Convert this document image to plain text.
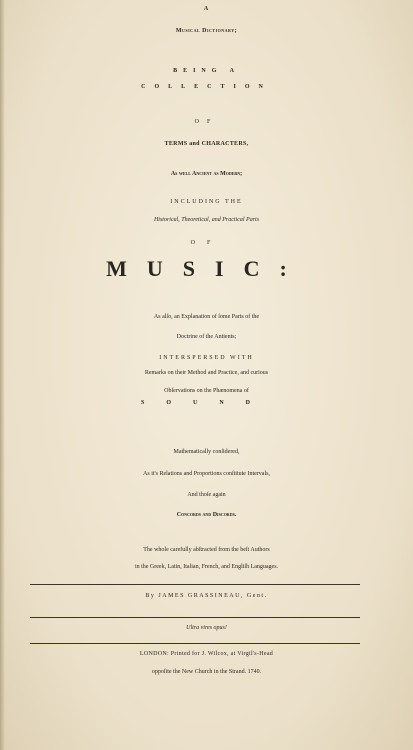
A
Musical Dictionary;
BEING A
COLLECTION
OF
TERMS and CHARACTERS,
As well Ancient as Modern;
INCLUDING THE
Historical, Theoretical, and Practical Parts
OF
MUSIC:
As alſo, an Explanation of ſome Parts of the
Doctrine of the Antients;
INTERSPERSED WITH
Remarks on their Method and Practice, and curious
Obſervations on the Phænomena of
SOUND
Mathematically conſidered,
As it's Relations and Proportions conſtitute Intervals,
And thoſe again
Concords and Discords.
The whole carefully abſtracted from the beſt Authors
in the Greek, Latin, Italian, French, and Engliſh Languages.
By JAMES GRASSINEAU, Gent.
Ultra vires opus!
LONDON: Printed for J. Wilcox, at Virgil's-Head
oppoſite the New Church in the Strand. 1740.
